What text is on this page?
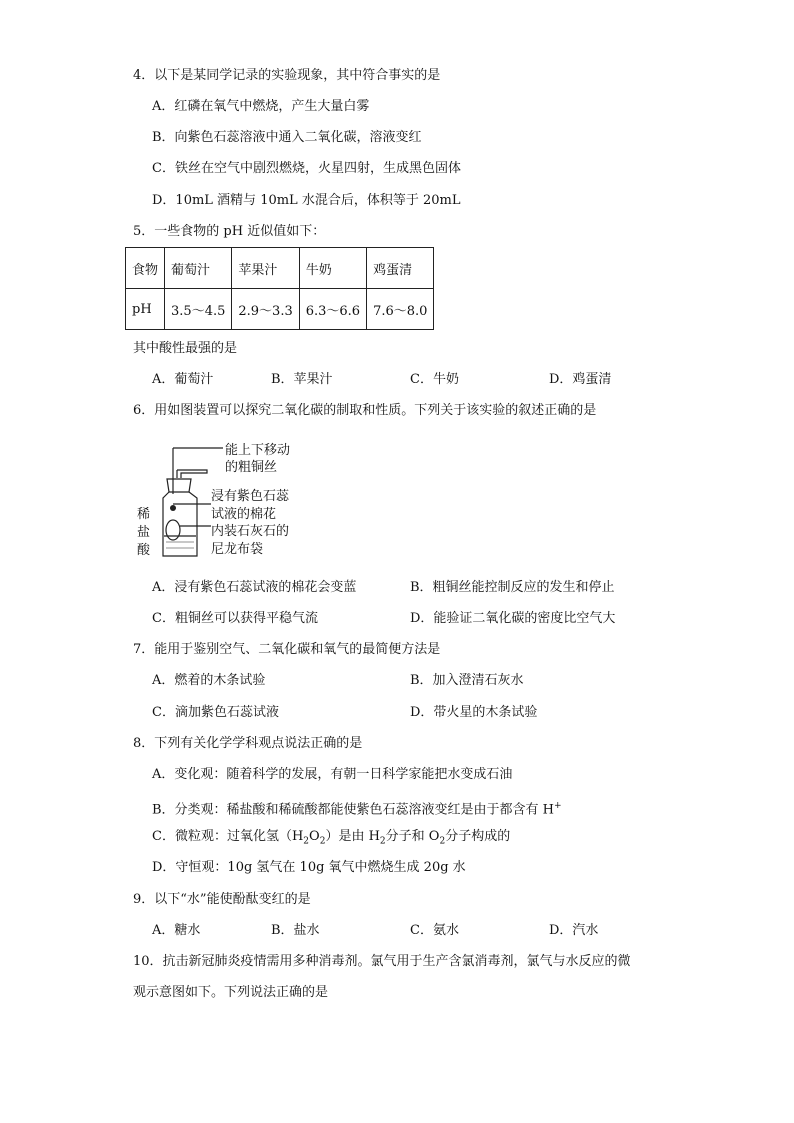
4．以下是某同学记录的实验现象，其中符合事实的是
A．红磷在氧气中燃烧，产生大量白雾
B．向紫色石蕊溶液中通入二氧化碳，溶液变红
C．铁丝在空气中剧烈燃烧，火星四射，生成黑色固体
D．10mL 酒精与 10mL 水混合后，体积等于 20mL
5．一些食物的 pH 近似值如下：
食物	葡萄汁	苹果汁	牛奶	鸡蛋清
pH	3.5～4.5	2.9～3.3	6.3～6.6	7.6～8.0
其中酸性最强的是
A．葡萄汁	B．苹果汁	C．牛奶	D．鸡蛋清
6．用如图装置可以探究二氧化碳的制取和性质。下列关于该实验的叙述正确的是
能上下移动
的粗铜丝
浸有紫色石蕊
试液的棉花
内装石灰石的
尼龙布袋
稀
盐
酸
A．浸有紫色石蕊试液的棉花会变蓝	B．粗铜丝能控制反应的发生和停止
C．粗铜丝可以获得平稳气流	D．能验证二氧化碳的密度比空气大
7．能用于鉴别空气、二氧化碳和氧气的最简便方法是
A．燃着的木条试验	B．加入澄清石灰水
C．滴加紫色石蕊试液	D．带火星的木条试验
8．下列有关化学学科观点说法正确的是
A．变化观：随着科学的发展，有朝一日科学家能把水变成石油
B．分类观：稀盐酸和稀硫酸都能使紫色石蕊溶液变红是由于都含有 H+
C．微粒观：过氧化氢$(H_2O_2)$是由 $H_2$分子和 $O_2$分子构成的
D．守恒观：10g 氢气在 10g 氧气中燃烧生成 20g 水
9．以下“水”能使酚酞变红的是
A．糖水	B．盐水	C．氨水	D．汽水
10．抗击新冠肺炎疫情需用多种消毒剂。氯气用于生产含氯消毒剂，氯气与水反应的微
观示意图如下。下列说法正确的是
